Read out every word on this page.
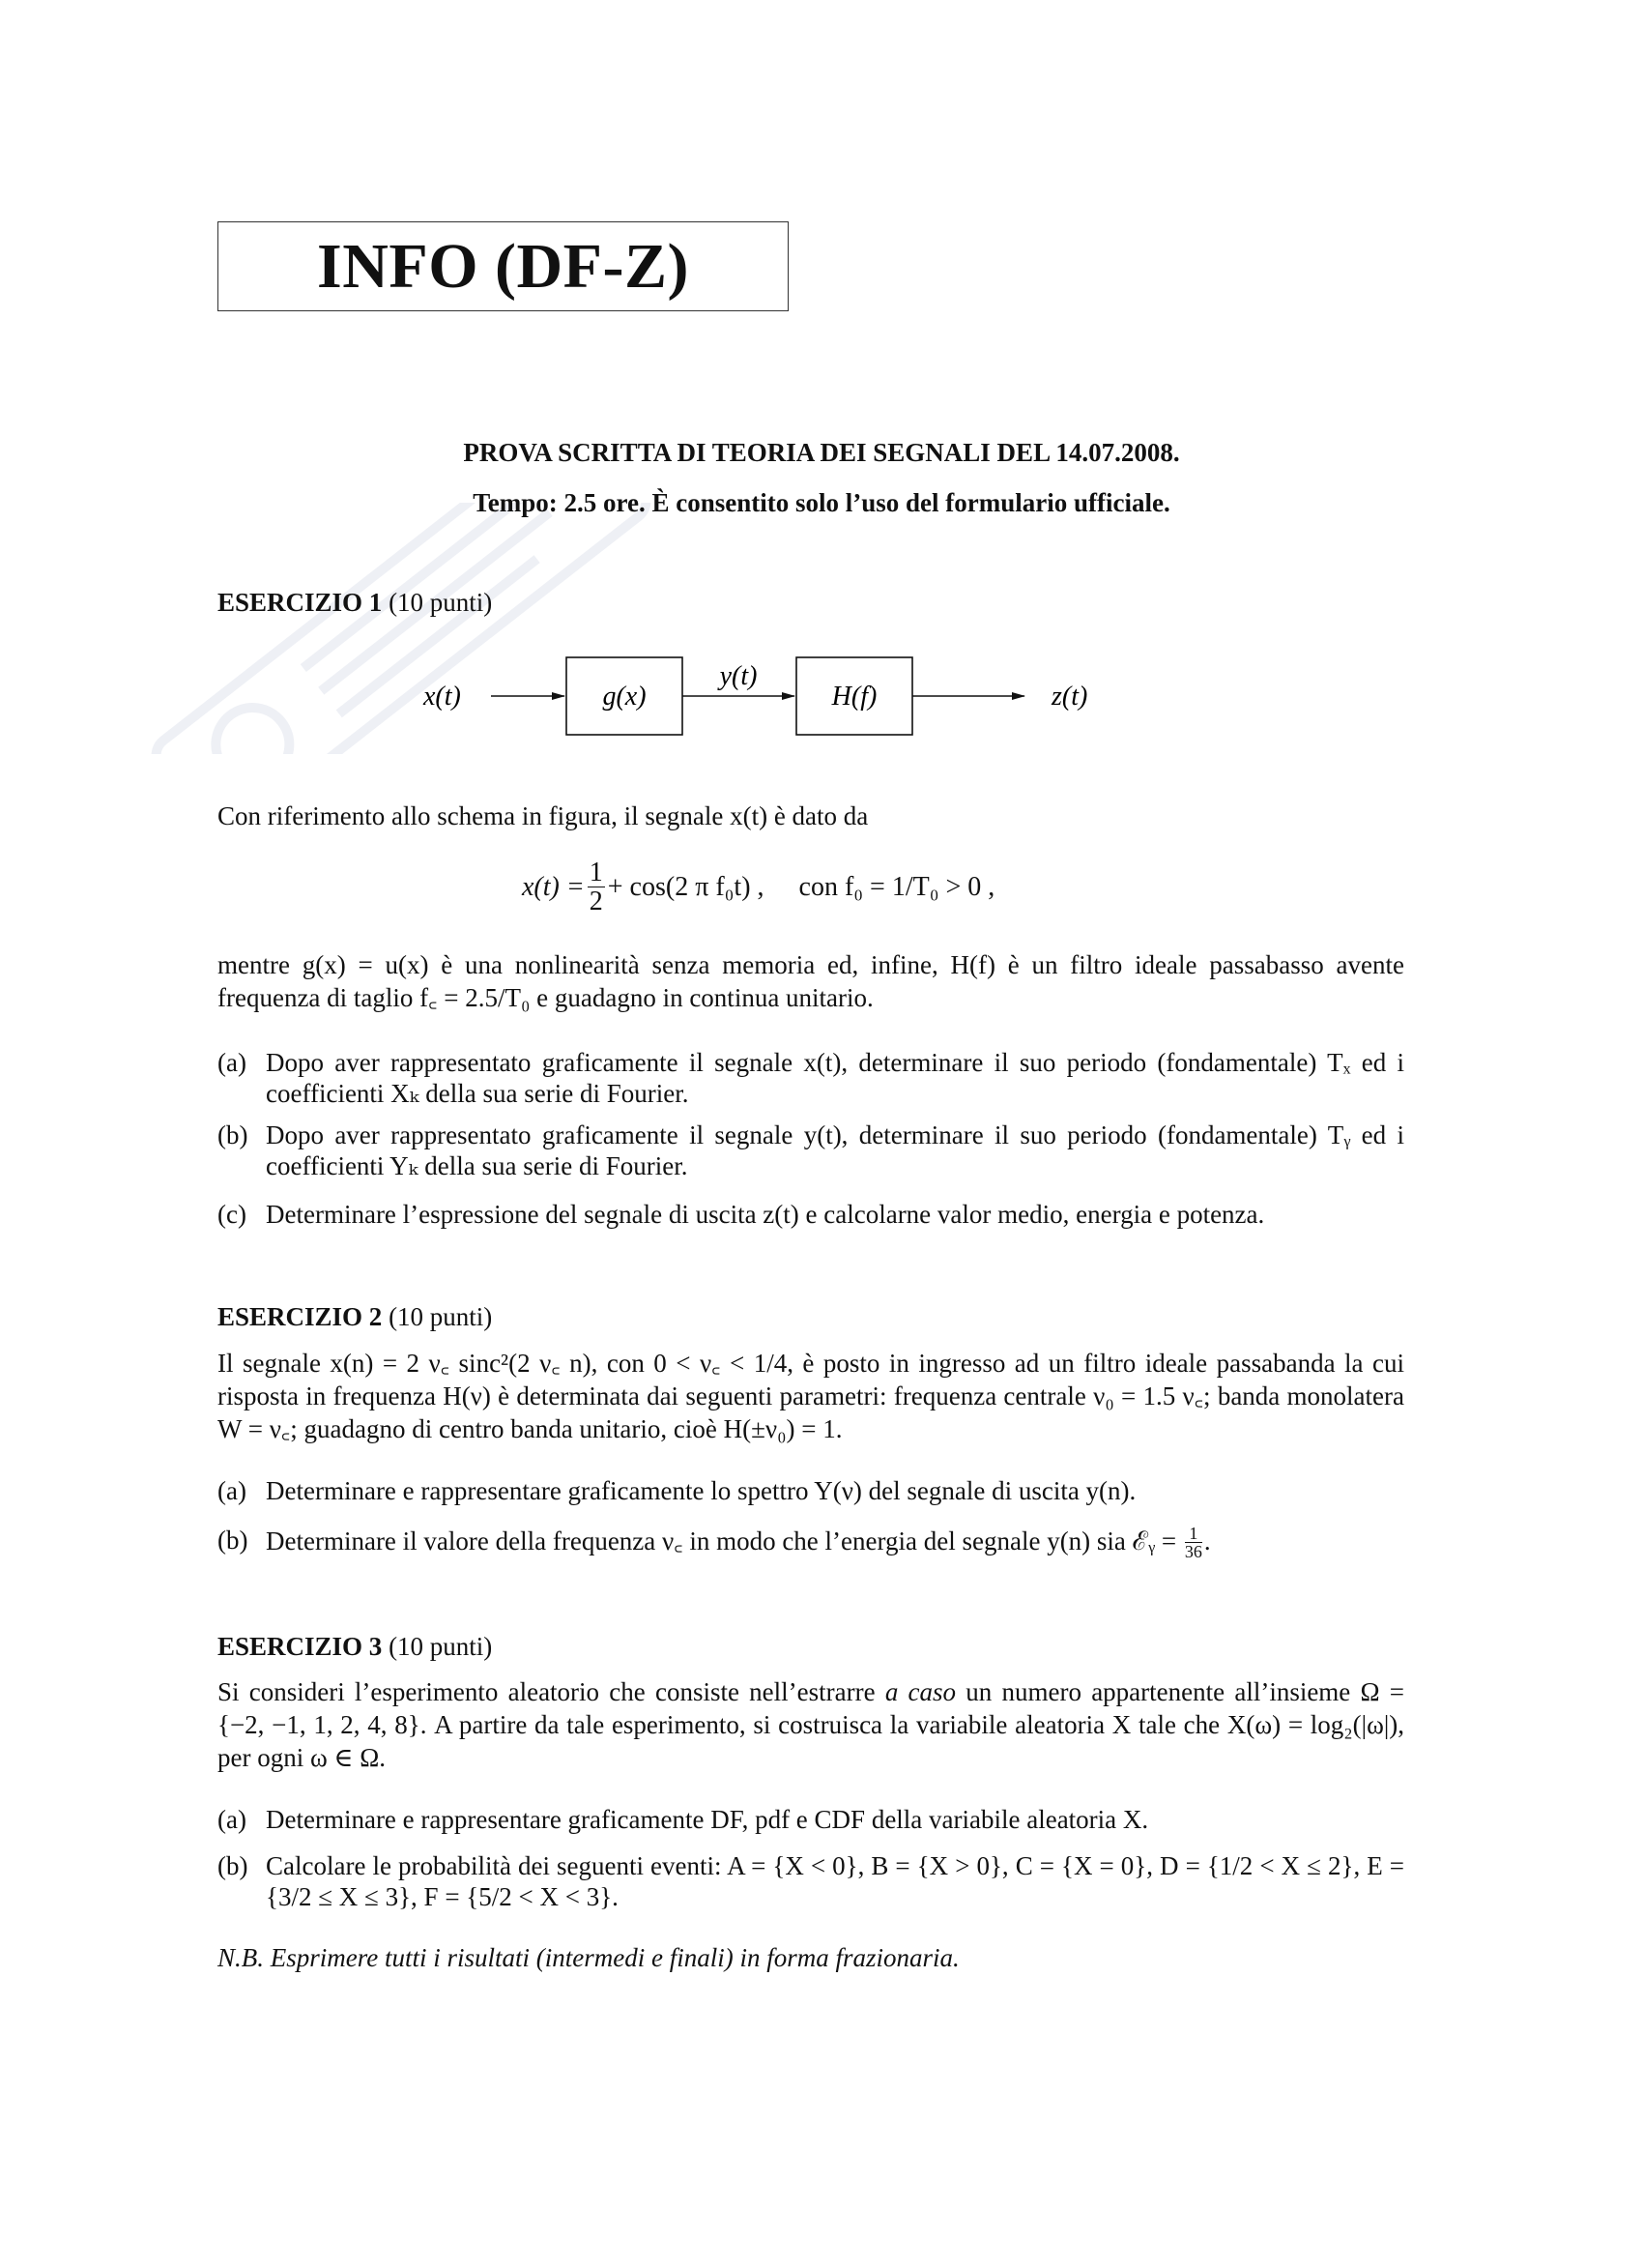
INFO (DF-Z)
PROVA SCRITTA DI TEORIA DEI SEGNALI DEL 14.07.2008.
Tempo: 2.5 ore. È consentito solo l’uso del formulario ufficiale.
ESERCIZIO 1 (10 punti)
x(t)	g(x)
y(t)
H(f)	z(t)
Con riferimento allo schema in figura, il segnale x(t) è dato da
$x(t) = \frac{1}{2} + \cos(2$ π f₀t) , con f₀ = 1/T₀ > 0 ,
mentre g(x) = u(x) è una nonlinearità senza memoria ed, infine, H(f) è un filtro ideale passabasso avente frequenza di taglio f꜀ = 2.5/T₀ e guadagno in continua unitario.
(a) Dopo aver rappresentato graficamente il segnale x(t), determinare il suo periodo (fondamentale) Tₓ ed i coefficienti Xₖ della sua serie di Fourier.
(b) Dopo aver rappresentato graficamente il segnale y(t), determinare il suo periodo (fondamentale) Tᵧ ed i coefficienti Yₖ della sua serie di Fourier.
(c) Determinare l’espressione del segnale di uscita z(t) e calcolarne valor medio, energia e potenza.
ESERCIZIO 2 (10 punti)
Il segnale x(n) = 2 ν꜀ sinc²(2 ν꜀ n), con 0 < ν꜀ < 1/4, è posto in ingresso ad un filtro ideale passabanda la cui risposta in frequenza H(ν) è determinata dai seguenti parametri: frequenza centrale ν₀ = 1.5 ν꜀; banda monolatera W = ν꜀; guadagno di centro banda unitario, cioè H(±ν₀) = 1.
(a) Determinare e rappresentare graficamente lo spettro Y(ν) del segnale di uscita y(n).
(b) Determinare il valore della frequenza ν꜀ in modo che l’energia del segnale y(n) sia ℰᵧ = $\frac{1}{36}$ .
ESERCIZIO 3 (10 punti)
Si consideri l’esperimento aleatorio che consiste nell’estrarre a caso un numero appartenente all’insieme Ω = {−2, −1, 1, 2, 4, 8}. A partire da tale esperimento, si costruisca la variabile aleatoria X tale che X(ω) = log₂(|ω|), per ogni ω ∈ Ω.
(a) Determinare e rappresentare graficamente DF, pdf e CDF della variabile aleatoria X.
(b) Calcolare le probabilità dei seguenti eventi: A = {X < 0}, B = {X > 0}, C = {X = 0}, D = {1/2 < X ≤ 2}, E = {3/2 ≤ X ≤ 3}, F = {5/2 < X < 3}.
N.B. Esprimere tutti i risultati (intermedi e finali) in forma frazionaria.
